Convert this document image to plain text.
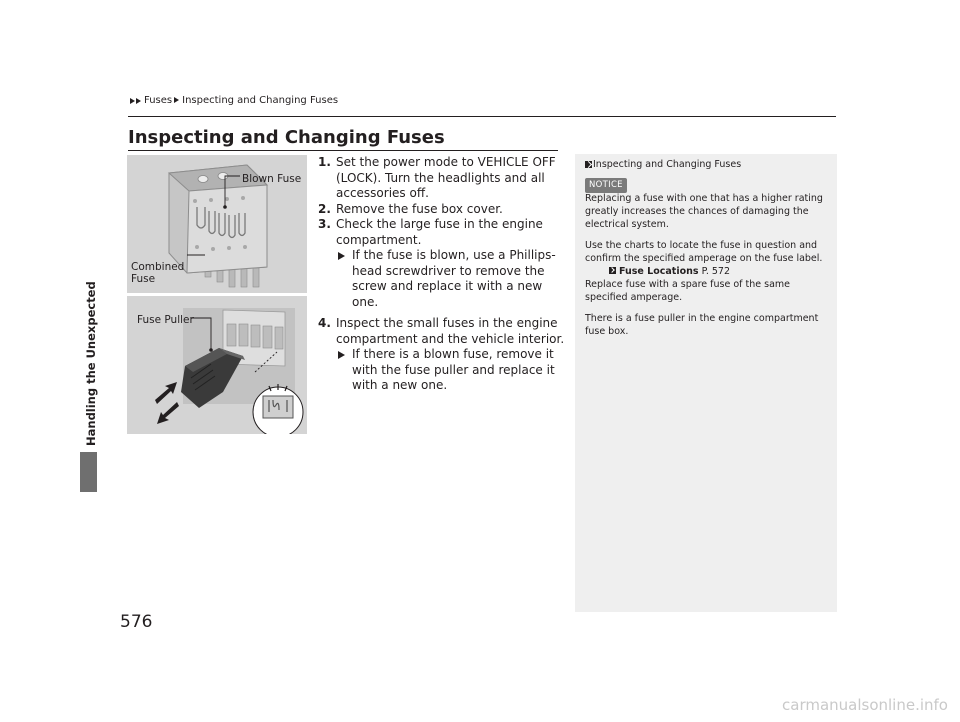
Handling the Unexpected
Fuses Inspecting and Changing Fuses
Inspecting and Changing Fuses
Blown Fuse
Combined
Fuse
Fuse Puller
1. Set the power mode to VEHICLE OFF (LOCK). Turn the headlights and all accessories off.
2. Remove the fuse box cover.
3. Check the large fuse in the engine compartment.
If the fuse is blown, use a Phillips-head screwdriver to remove the screw and replace it with a new one.
4. Inspect the small fuses in the engine compartment and the vehicle interior.
If there is a blown fuse, remove it with the fuse puller and replace it with a new one.
Inspecting and Changing Fuses
NOTICE

Replacing a fuse with one that has a higher rating greatly increases the chances of damaging the electrical system.

Use the charts to locate the fuse in question and confirm the specified amperage on the fuse label.

Fuse Locations P. 572

Replace fuse with a spare fuse of the same specified amperage.

There is a fuse puller in the engine compartment fuse box.

576
carmanualsonline.info
